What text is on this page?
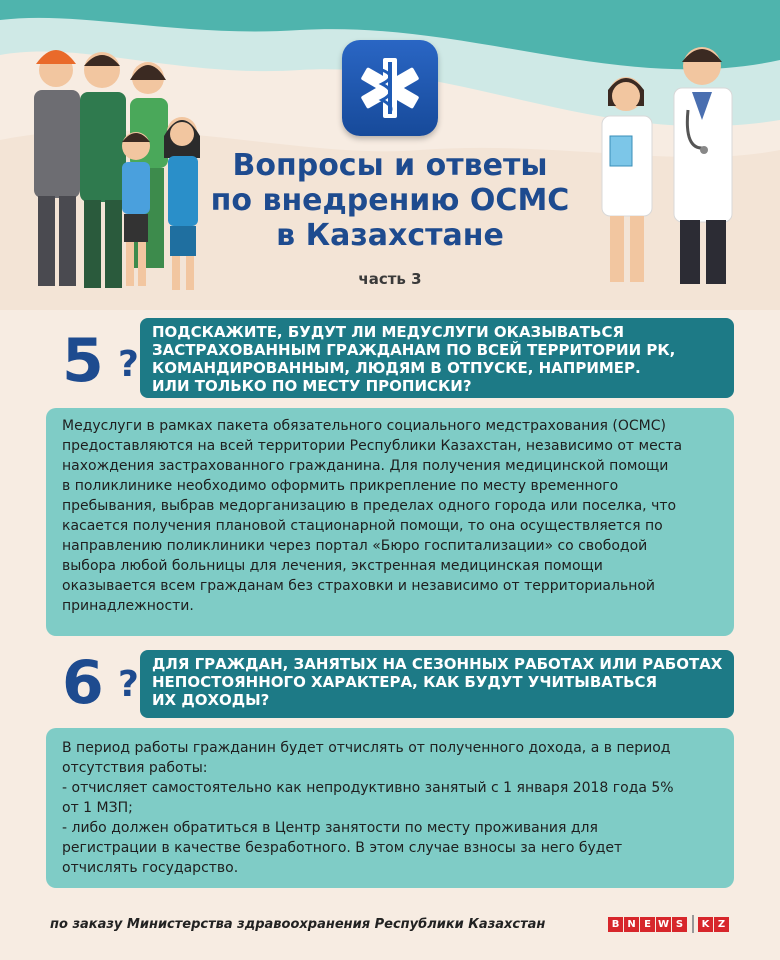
Вопросы и ответы
по внедрению ОСМС
в Казахстане
часть 3
5 ?
ПОДСКАЖИТЕ, БУДУТ ЛИ МЕДУСЛУГИ ОКАЗЫВАТЬСЯ
ЗАСТРАХОВАННЫМ ГРАЖДАНАМ ПО ВСЕЙ ТЕРРИТОРИИ РК,
КОМАНДИРОВАННЫМ, ЛЮДЯМ В ОТПУСКЕ, НАПРИМЕР.
ИЛИ ТОЛЬКО ПО МЕСТУ ПРОПИСКИ?
Медуслуги в рамках пакета обязательного социального медстрахования (ОСМС)
предоставляются на всей территории Республики Казахстан, независимо от места
нахождения застрахованного гражданина. Для получения медицинской помощи
в поликлинике необходимо оформить прикрепление по месту временного
пребывания, выбрав медорганизацию в пределах одного города или поселка, что
касается получения плановой стационарной помощи, то она осуществляется по
направлению поликлиники через портал «Бюро госпитализации» со свободой
выбора любой больницы для лечения, экстренная медицинская помощи
оказывается всем гражданам без страховки и независимо от территориальной
принадлежности.
6 ? ДЛЯ ГРАЖДАН, ЗАНЯТЫХ НА СЕЗОННЫХ РАБОТАХ ИЛИ РАБОТАХ
НЕПОСТОЯННОГО ХАРАКТЕРА, КАК БУДУТ УЧИТЫВАТЬСЯ
ИХ ДОХОДЫ?
В период работы гражданин будет отчислять от полученного дохода, а в период
отсутствия работы:
- отчисляет самостоятельно как непродуктивно занятый с 1 января 2018 года 5%
от 1 МЗП;
- либо должен обратиться в Центр занятости по месту проживания для
регистрации в качестве безработного. В этом случае взносы за него будет
отчислять государство.
по заказу Министерства здравоохранения Республики Казахстан	B N E W S	K Z
